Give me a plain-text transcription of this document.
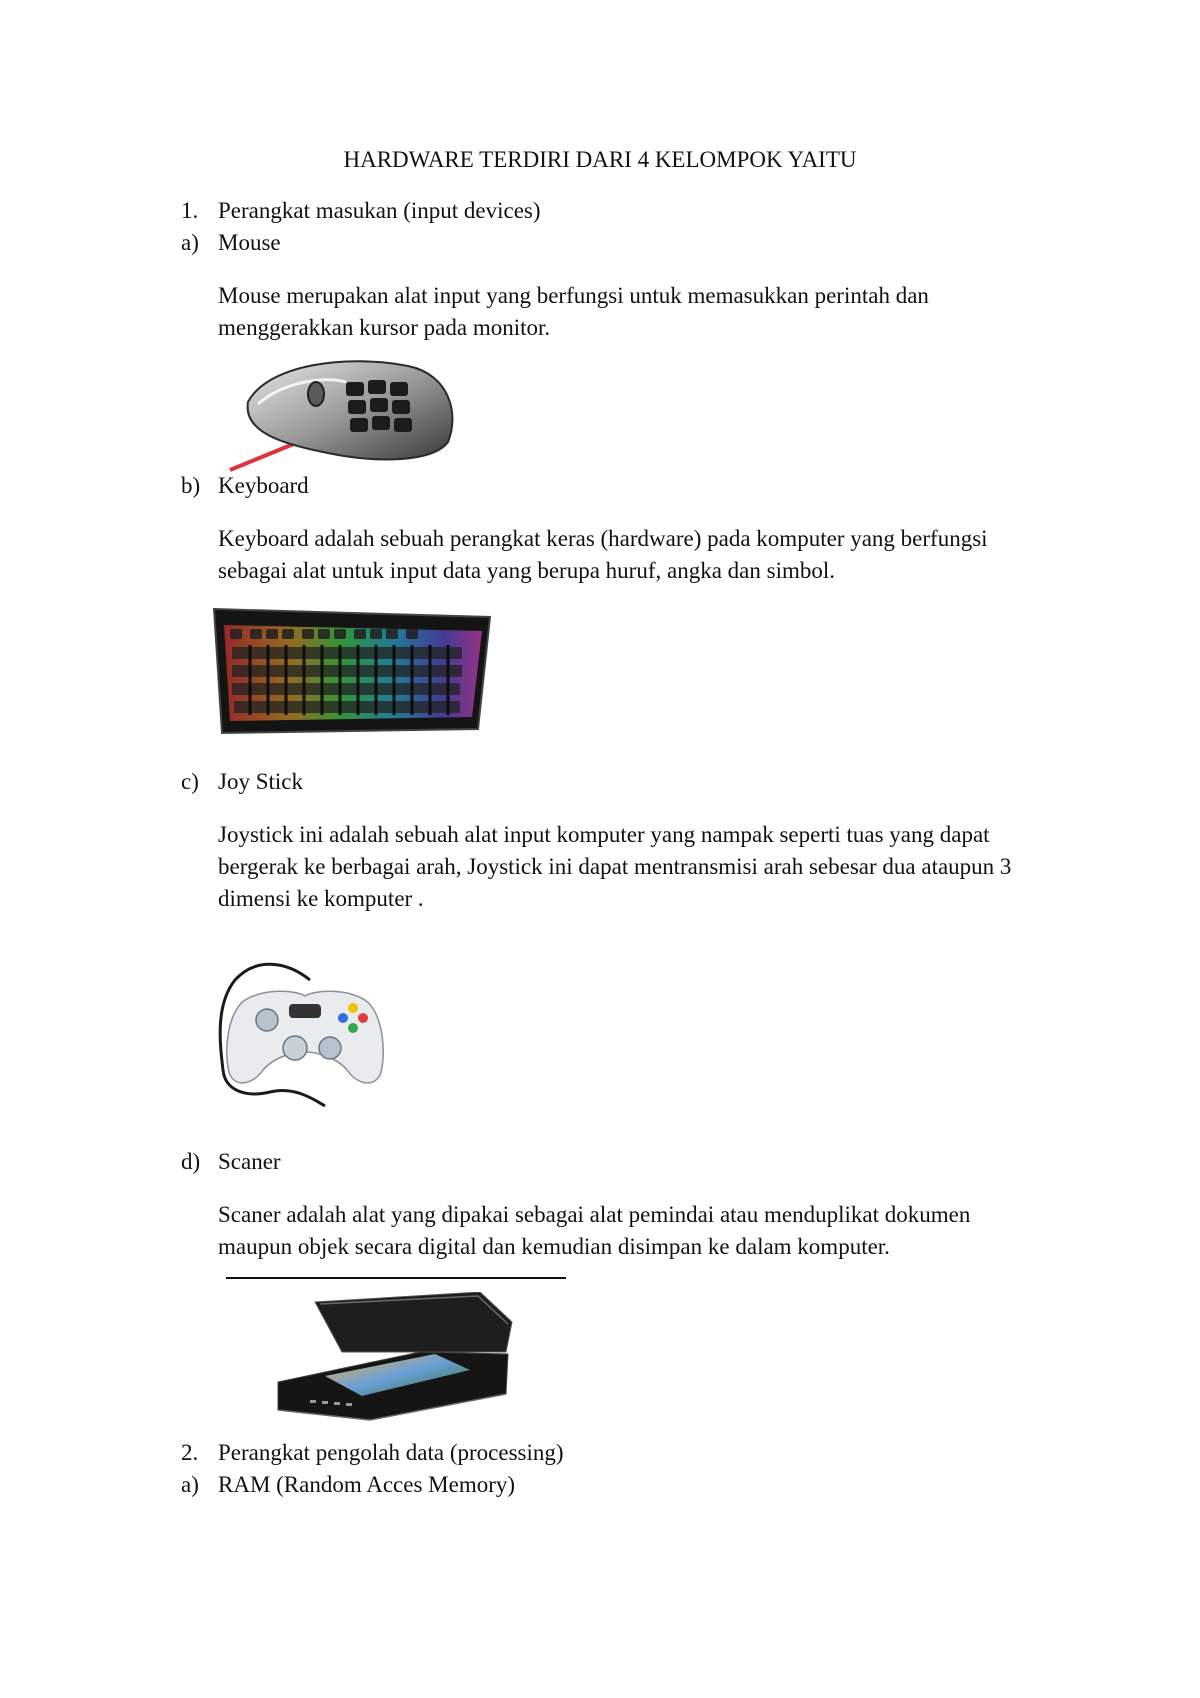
HARDWARE TERDIRI DARI 4 KELOMPOK YAITU
1. Perangkat masukan (input devices)
a) Mouse
Mouse merupakan alat input yang berfungsi untuk memasukkan perintah dan
menggerakkan kursor pada monitor.
b) Keyboard
Keyboard adalah sebuah perangkat keras (hardware) pada komputer yang berfungsi
sebagai alat untuk input data yang berupa huruf, angka dan simbol.
c) Joy Stick
Joystick ini adalah sebuah alat input komputer yang nampak seperti tuas yang dapat
bergerak ke berbagai arah, Joystick ini dapat mentransmisi arah sebesar dua ataupun 3
dimensi ke komputer .
d) Scaner
Scaner adalah alat yang dipakai sebagai alat pemindai atau menduplikat dokumen
maupun objek secara digital dan kemudian disimpan ke dalam komputer.
2. Perangkat pengolah data (processing)
a) RAM (Random Acces Memory)
